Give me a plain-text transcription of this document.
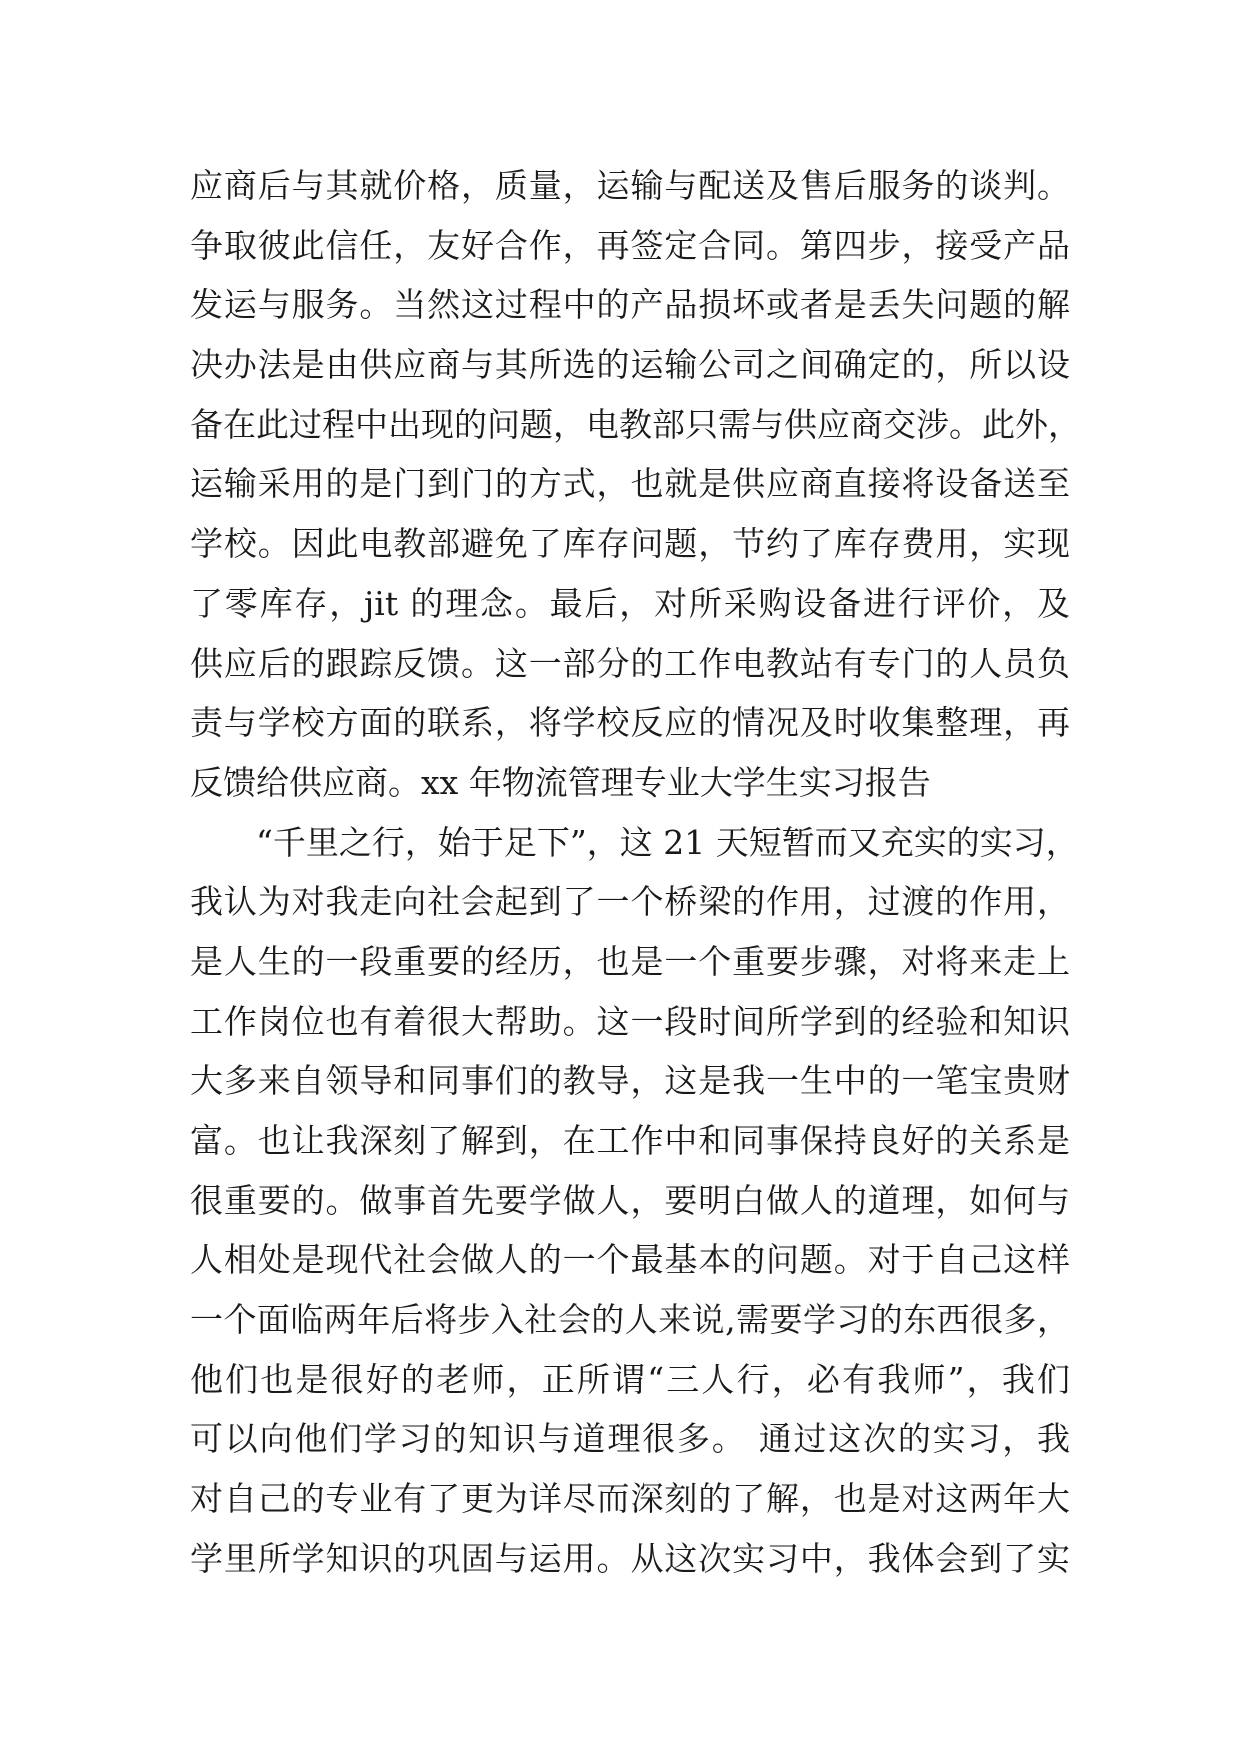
应商后与其就价格，质量，运输与配送及售后服务的谈判。
争取彼此信任，友好合作，再签定合同。第四步，接受产品
发运与服务。当然这过程中的产品损坏或者是丢失问题的解
决办法是由供应商与其所选的运输公司之间确定的，所以设
备在此过程中出现的问题，电教部只需与供应商交涉。此外，
运输采用的是门到门的方式，也就是供应商直接将设备送至
学校。因此电教部避免了库存问题，节约了库存费用，实现
了零库存，jit 的理念。最后，对所采购设备进行评价，及
供应后的跟踪反馈。这一部分的工作电教站有专门的人员负
责与学校方面的联系，将学校反应的情况及时收集整理，再
反馈给供应商。xx 年物流管理专业大学生实习报告
　　“千里之行，始于足下”，这 21 天短暂而又充实的实习，
我认为对我走向社会起到了一个桥梁的作用，过渡的作用，
是人生的一段重要的经历，也是一个重要步骤，对将来走上
工作岗位也有着很大帮助。这一段时间所学到的经验和知识
大多来自领导和同事们的教导，这是我一生中的一笔宝贵财
富。也让我深刻了解到，在工作中和同事保持良好的关系是
很重要的。做事首先要学做人，要明白做人的道理，如何与
人相处是现代社会做人的一个最基本的问题。对于自己这样
一个面临两年后将步入社会的人来说,需要学习的东西很多，
他们也是很好的老师，正所谓“三人行，必有我师”，我们
可以向他们学习的知识与道理很多。 通过这次的实习，我
对自己的专业有了更为详尽而深刻的了解，也是对这两年大
学里所学知识的巩固与运用。从这次实习中，我体会到了实
